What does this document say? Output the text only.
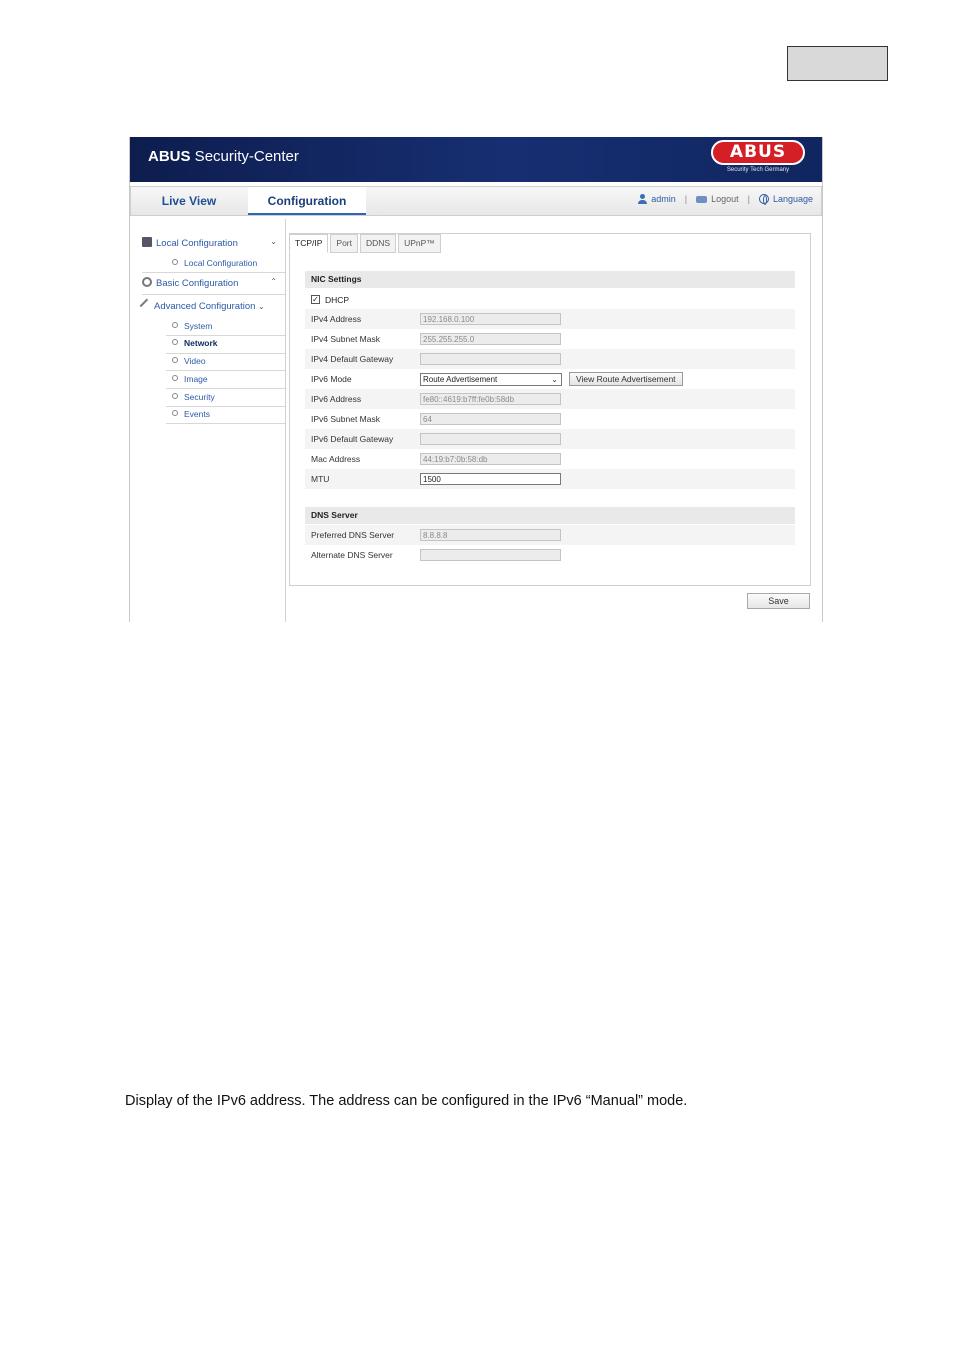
ABUS Security-Center	ABUS
Security Tech Germany
Live View	Configuration	admin |	Logout |	Language
Local Configuration	⌄
Local Configuration
Basic Configuration	⌃
Advanced Configuration ⌄
System
Network
Video
Image
Security
Events
TCP/IP	Port	DDNS	UPnP™
NIC Settings
✓ DHCP
IPv4 Address	192.168.0.100
IPv4 Subnet Mask	255.255.255.0
IPv4 Default Gateway
IPv6 Mode	Route Advertisement	⌄	View Route Advertisement
IPv6 Address	fe80::4619:b7ff:fe0b:58db
IPv6 Subnet Mask	64
IPv6 Default Gateway
Mac Address	44:19:b7:0b:58:db
MTU	1500
DNS Server
Preferred DNS Server	8.8.8.8
Alternate DNS Server
Save
Display of the IPv6 address. The address can be configured in the IPv6 “Manual” mode.
